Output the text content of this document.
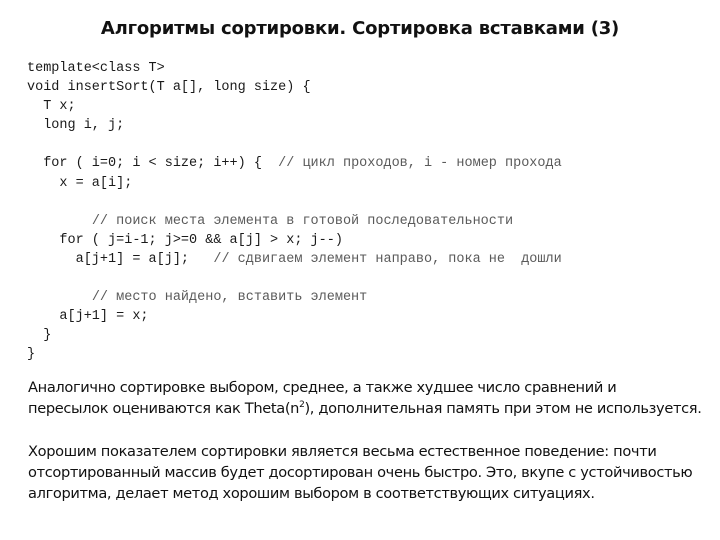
Алгоритмы сортировки. Сортировка вставками (3)
template<class T>
void insertSort(T a[], long size) {
T x;
long i, j;
for ( i=0; i < size; i++) {  // цикл проходов, i - номер прохода
x = a[i];
// поиск места элемента в готовой последовательности
for ( j=i-1; j>=0 && a[j] > x; j--)
a[j+1] = a[j];   // сдвигаем элемент направо, пока не  дошли
// место найдено, вставить элемент
a[j+1] = x;
}
}

Аналогично сортировке выбором, среднее, а также худшее число сравнений и
пересылок оцениваются как $Theta(n^2)$, дополнительная память при этом не используется.

Хорошим показателем сортировки является весьма естественное поведение: почти
отсортированный массив будет досортирован очень быстро. Это, вкупе с устойчивостью
алгоритма, делает метод хорошим выбором в соответствующих ситуациях.
